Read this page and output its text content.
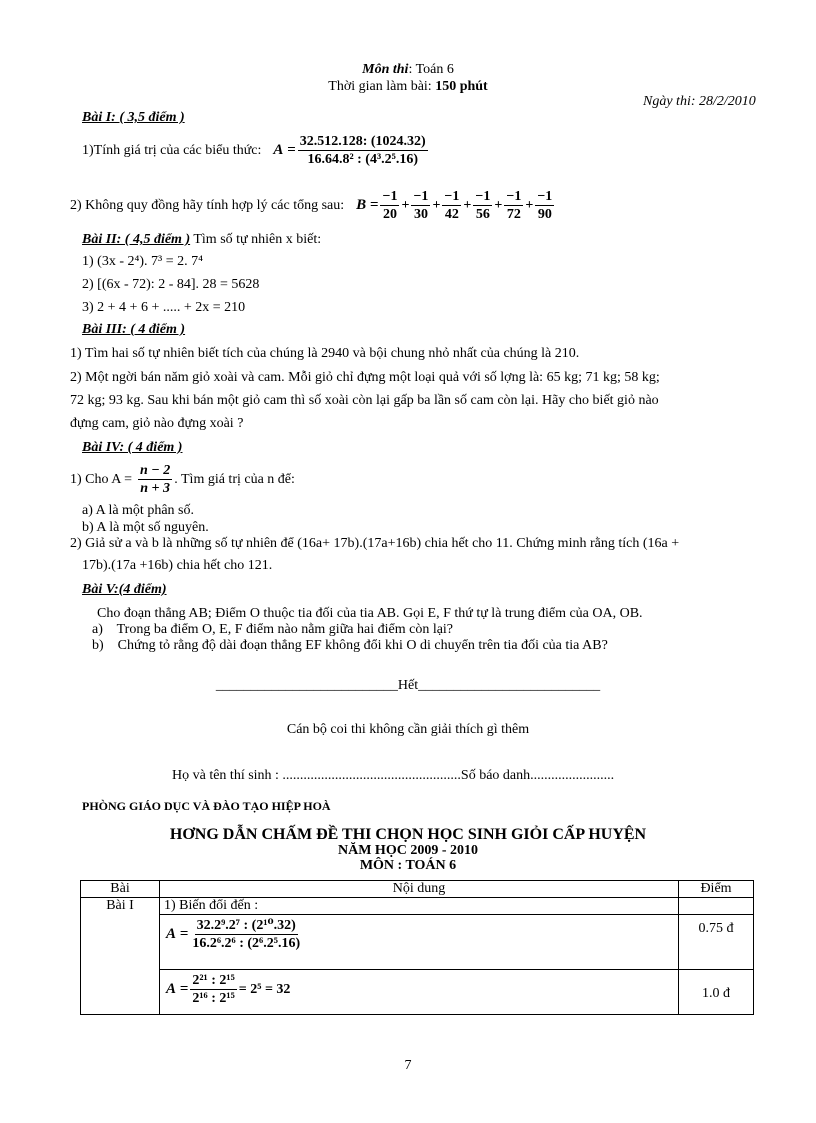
Môn thi: Toán 6
Thời gian làm bài: 150 phút
Ngày thi: 28/2/2010
Bài I: ( 3,5 điểm )
1)Tính giá trị của các biểu thức: $A = \frac{32.512.128: (1024.32)}{\text{16.64.8² : (4³.2⁵.16)}}$
2) Không quy đồng hãy tính hợp lý các tổng sau: $B = \frac{-1}{20} + \frac{-1}{30} + \frac{-1}{42} + \frac{-1}{56} + \frac{-1}{72} + \frac{-1}{90}$
Bài II: ( 4,5 điểm ) Tìm số tự nhiên x biết:
1) (3x - 2⁴). 7³ = 2. 7⁴
2) [(6x - 72): 2 - 84]. 28 = 5628
3) 2 + 4 + 6 + ..... + 2x = 210
Bài III: ( 4 điểm )
1) Tìm hai số tự nhiên biết tích của chúng là 2940 và bội chung nhỏ nhất của chúng là 210.
2) Một ngời bán năm giỏ xoài và cam. Mỗi giỏ chỉ đựng một loại quả với số lợng là: 65 kg; 71 kg; 58 kg;
72 kg; 93 kg. Sau khi bán một giỏ cam thì số xoài còn lại gấp ba lần số cam còn lại. Hãy cho biết giỏ nào
đựng cam, giỏ nào đựng xoài ?
Bài IV: ( 4 điểm )
1) Cho $A = \frac{n - 2}{n + 3}$ . Tìm giá trị của n để:
a) A là một phân số.
b) A là một số nguyên.
2) Giả sử a và b là những số tự nhiên để (16a+ 17b).(17a+16b) chia hết cho 11. Chứng minh rằng tích (16a +
17b).(17a +16b) chia hết cho 121.
Bài V:(4 điểm)
Cho đoạn thẳng AB; Điểm O thuộc tia đối của tia AB. Gọi E, F thứ tự là trung điểm của OA, OB.
a)    Trong ba điểm O, E, F điểm nào nằm giữa hai điểm còn lại?
b)    Chứng tỏ rằng độ dài đoạn thẳng EF không đổi khi O di chuyển trên tia đối của tia AB?
__________________________Hết__________________________
Cán bộ coi thi không cần giải thích gì thêm
Họ và tên thí sinh : ...................................................Số báo danh........................
PHÒNG GIÁO DỤC VÀ ĐÀO TẠO HIỆP HOÀ
HƠNG DẪN CHẤM ĐỀ THI CHỌN HỌC SINH GIỎI CẤP HUYỆN
NĂM HỌC 2009 - 2010
MÔN : TOÁN 6
Bài	Nội dung	Điểm
Bài I	1) Biến đổi đến :	

	$A = \frac{\text{32.2⁹.2⁷ : (2¹⁰.32)}}{\text{16.2⁶.2⁶ : (2⁶.2⁵.16)}}$	0.75 đ

	$A = \frac{\text{2²¹ : 2¹⁵}}{\text{2¹⁶ : 2¹⁵}} = 2^5 = 32$	1.0 đ
7
